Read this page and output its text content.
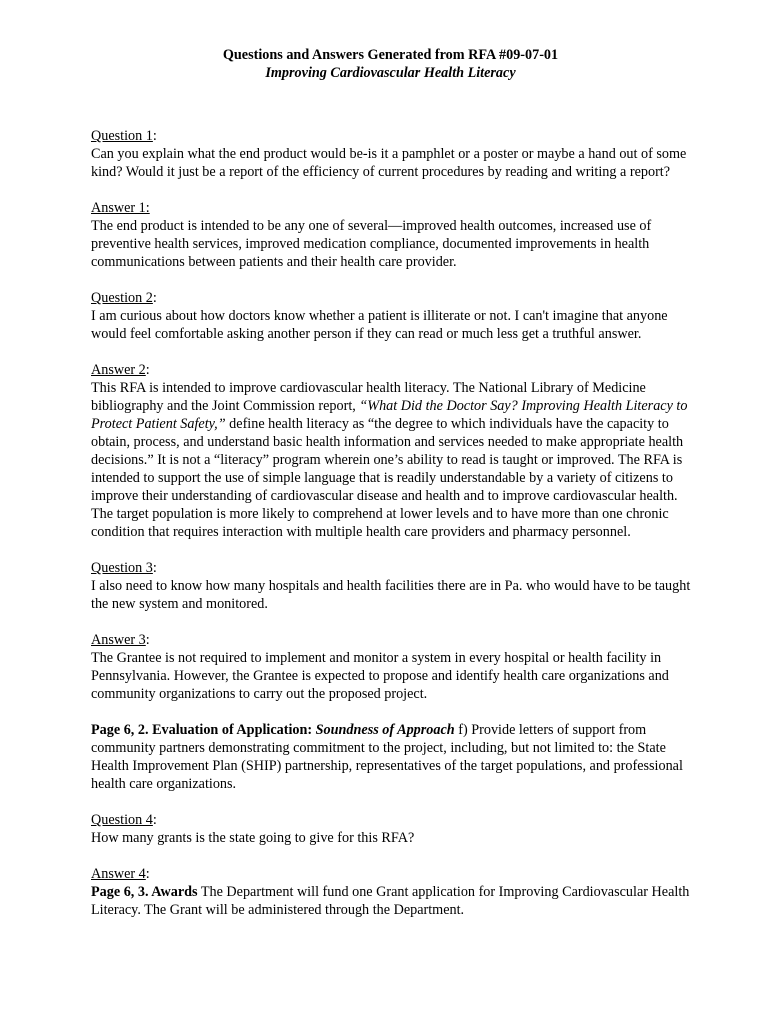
Questions and Answers Generated from RFA #09-07-01
Improving Cardiovascular Health Literacy

Question 1:

Can you explain what the end product would be-is it a pamphlet or a poster or maybe a hand out of some kind? Would it just be a report of the efficiency of current procedures by reading and writing a report?

Answer 1:

The end product is intended to be any one of several—improved health outcomes, increased use of preventive health services, improved medication compliance, documented improvements in health communications between patients and their health care provider.

Question 2:

I am curious about how doctors know whether a patient is illiterate or not. I can't imagine that anyone would feel comfortable asking another person if they can read or much less get a truthful answer.

Answer 2:

This RFA is intended to improve cardiovascular health literacy. The National Library of Medicine bibliography and the Joint Commission report, “What Did the Doctor Say? Improving Health Literacy to Protect Patient Safety,” define health literacy as “the degree to which individuals have the capacity to obtain, process, and understand basic health information and services needed to make appropriate health decisions.” It is not a “literacy” program wherein one’s ability to read is taught or improved. The RFA is intended to support the use of simple language that is readily understandable by a variety of citizens to improve their understanding of cardiovascular disease and health and to improve cardiovascular health. The target population is more likely to comprehend at lower levels and to have more than one chronic condition that requires interaction with multiple health care providers and pharmacy personnel.

Question 3:

I also need to know how many hospitals and health facilities there are in Pa. who would have to be taught the new system and monitored.

Answer 3:

The Grantee is not required to implement and monitor a system in every hospital or health facility in Pennsylvania. However, the Grantee is expected to propose and identify health care organizations and community organizations to carry out the proposed project.

Page 6, 2. Evaluation of Application: Soundness of Approach f) Provide letters of support from community partners demonstrating commitment to the project, including, but not limited to: the State Health Improvement Plan (SHIP) partnership, representatives of the target populations, and professional health care organizations.

Question 4:

How many grants is the state going to give for this RFA?

Answer 4:

Page 6, 3. Awards The Department will fund one Grant application for Improving Cardiovascular Health Literacy. The Grant will be administered through the Department.
